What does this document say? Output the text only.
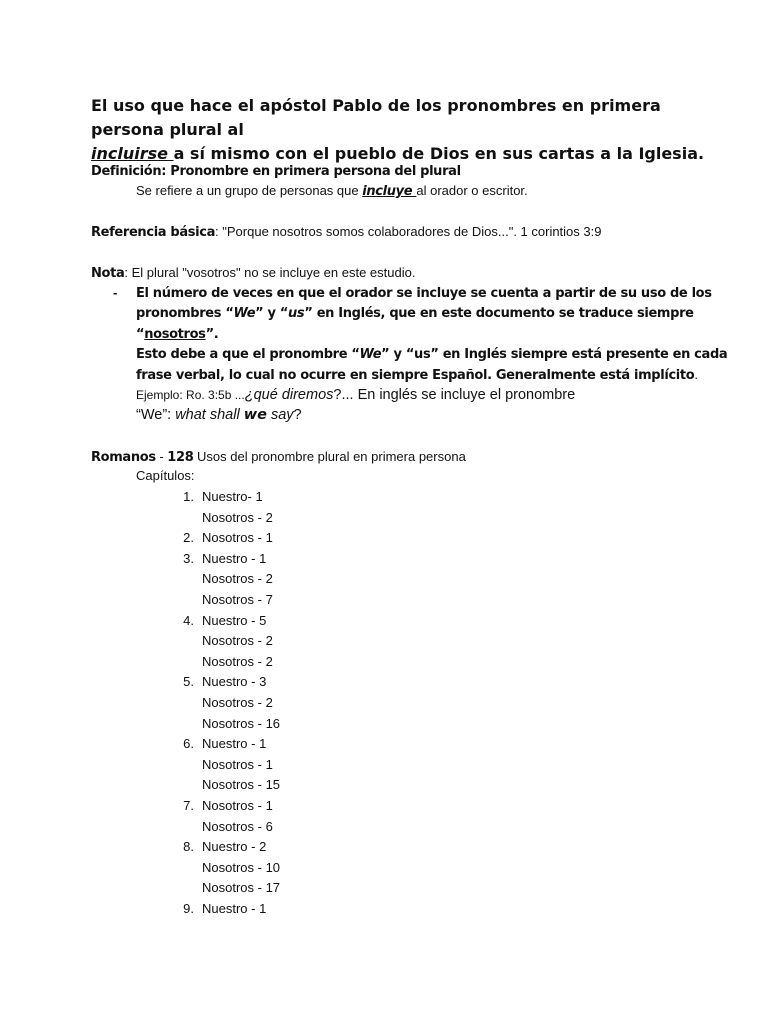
El uso que hace el apóstol Pablo de los pronombres en primera persona plural al
incluirse a sí mismo con el pueblo de Dios en sus cartas a la Iglesia.
Definición: Pronombre en primera persona del plural
Se refiere a un grupo de personas que incluye al orador o escritor.
Referencia básica: "Porque nosotros somos colaboradores de Dios...". 1 corintios 3:9
Nota: El plural "vosotros" no se incluye en este estudio.
- El número de veces en que el orador se incluye se cuenta a partir de su uso de los
pronombres “We” y “us” en Inglés, que en este documento se traduce siempre
“nosotros”.
Esto debe a que el pronombre “We” y “us” en Inglés siempre está presente en cada
frase verbal, lo cual no ocurre en siempre Español. Generalmente está implícito.
Ejemplo: Ro. 3:5b ...¿qué diremos?... En inglés se incluye el pronombre
“We”: what shall we say?
Romanos - 128 Usos del pronombre plural en primera persona
Capítulos:
1. Nuestro- 1
Nosotros - 2
2. Nosotros - 1
3. Nuestro - 1
Nosotros - 2
Nosotros - 7
4. Nuestro - 5
Nosotros - 2
Nosotros - 2
5. Nuestro - 3
Nosotros - 2
Nosotros - 16
6. Nuestro - 1
Nosotros - 1
Nosotros - 15
7. Nosotros - 1
Nosotros - 6
8. Nuestro - 2
Nosotros - 10
Nosotros - 17
9. Nuestro - 1
